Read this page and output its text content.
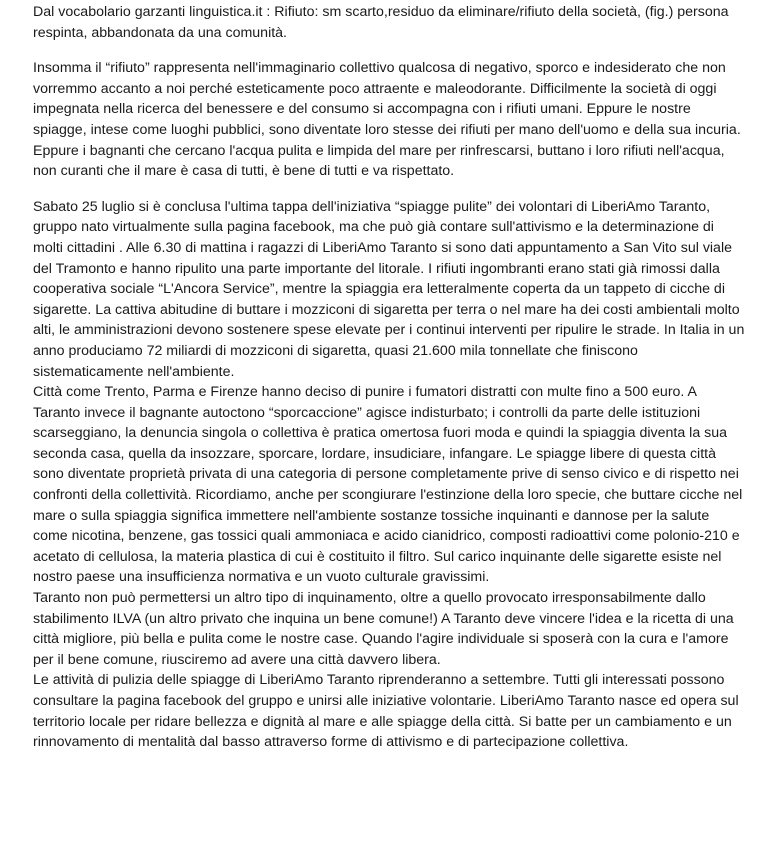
Dal vocabolario garzanti linguistica.it : Rifiuto: sm scarto,residuo da eliminare/rifiuto della società, (fig.) persona respinta, abbandonata da una comunità.

Insomma il “rifiuto” rappresenta nell'immaginario collettivo qualcosa di negativo, sporco e indesiderato che non vorremmo accanto a noi perché esteticamente poco attraente e maleodorante. Difficilmente la società di oggi impegnata nella ricerca del benessere e del consumo si accompagna con i rifiuti umani. Eppure le nostre spiagge, intese come luoghi pubblici, sono diventate loro stesse dei rifiuti per mano dell'uomo e della sua incuria. Eppure i bagnanti che cercano l'acqua pulita e limpida del mare per rinfrescarsi, buttano i loro rifiuti nell'acqua, non curanti che il mare è casa di tutti, è bene di tutti e va rispettato.

Sabato 25 luglio si è conclusa l'ultima tappa dell'iniziativa “spiagge pulite” dei volontari di LiberiAmo Taranto, gruppo nato virtualmente sulla pagina facebook, ma che può già contare sull'attivismo e la determinazione di molti cittadini . Alle 6.30 di mattina i ragazzi di LiberiAmo Taranto si sono dati appuntamento a San Vito sul viale del Tramonto e hanno ripulito una parte importante del litorale. I rifiuti ingombranti erano stati già rimossi dalla cooperativa sociale “L'Ancora Service”, mentre la spiaggia era letteralmente coperta da un tappeto di cicche di sigarette. La cattiva abitudine di buttare i mozziconi di sigaretta per terra o nel mare ha dei costi ambientali molto alti, le amministrazioni devono sostenere spese elevate per i continui interventi per ripulire le strade. In Italia in un anno produciamo 72 miliardi di mozziconi di sigaretta, quasi 21.600 mila tonnellate che finiscono sistematicamente nell'ambiente.

Città come Trento, Parma e Firenze hanno deciso di punire i fumatori distratti con multe fino a 500 euro. A Taranto invece il bagnante autoctono “sporcaccione” agisce indisturbato; i controlli da parte delle istituzioni scarseggiano, la denuncia singola o collettiva è pratica omertosa fuori moda e quindi la spiaggia diventa la sua seconda casa, quella da insozzare, sporcare, lordare, insudiciare, infangare. Le spiagge libere di questa città sono diventate proprietà privata di una categoria di persone completamente prive di senso civico e di rispetto nei confronti della collettività. Ricordiamo, anche per scongiurare l'estinzione della loro specie, che buttare cicche nel mare o sulla spiaggia significa immettere nell'ambiente sostanze tossiche inquinanti e dannose per la salute come nicotina, benzene, gas tossici quali ammoniaca e acido cianidrico, composti radioattivi come polonio-210 e acetato di cellulosa, la materia plastica di cui è costituito il filtro. Sul carico inquinante delle sigarette esiste nel nostro paese una insufficienza normativa e un vuoto culturale gravissimi.

Taranto non può permettersi un altro tipo di inquinamento, oltre a quello provocato irresponsabilmente dallo stabilimento ILVA (un altro privato che inquina un bene comune!) A Taranto deve vincere l'idea e la ricetta di una città migliore, più bella e pulita come le nostre case. Quando l'agire individuale si sposerà con la cura e l'amore per il bene comune, riusciremo ad avere una città davvero libera.

Le attività di pulizia delle spiagge di LiberiAmo Taranto riprenderanno a settembre. Tutti gli interessati possono consultare la pagina facebook del gruppo e unirsi alle iniziative volontarie. LiberiAmo Taranto nasce ed opera sul territorio locale per ridare bellezza e dignità al mare e alle spiagge della città. Si batte per un cambiamento e un rinnovamento di mentalità dal basso attraverso forme di attivismo e di partecipazione collettiva.
